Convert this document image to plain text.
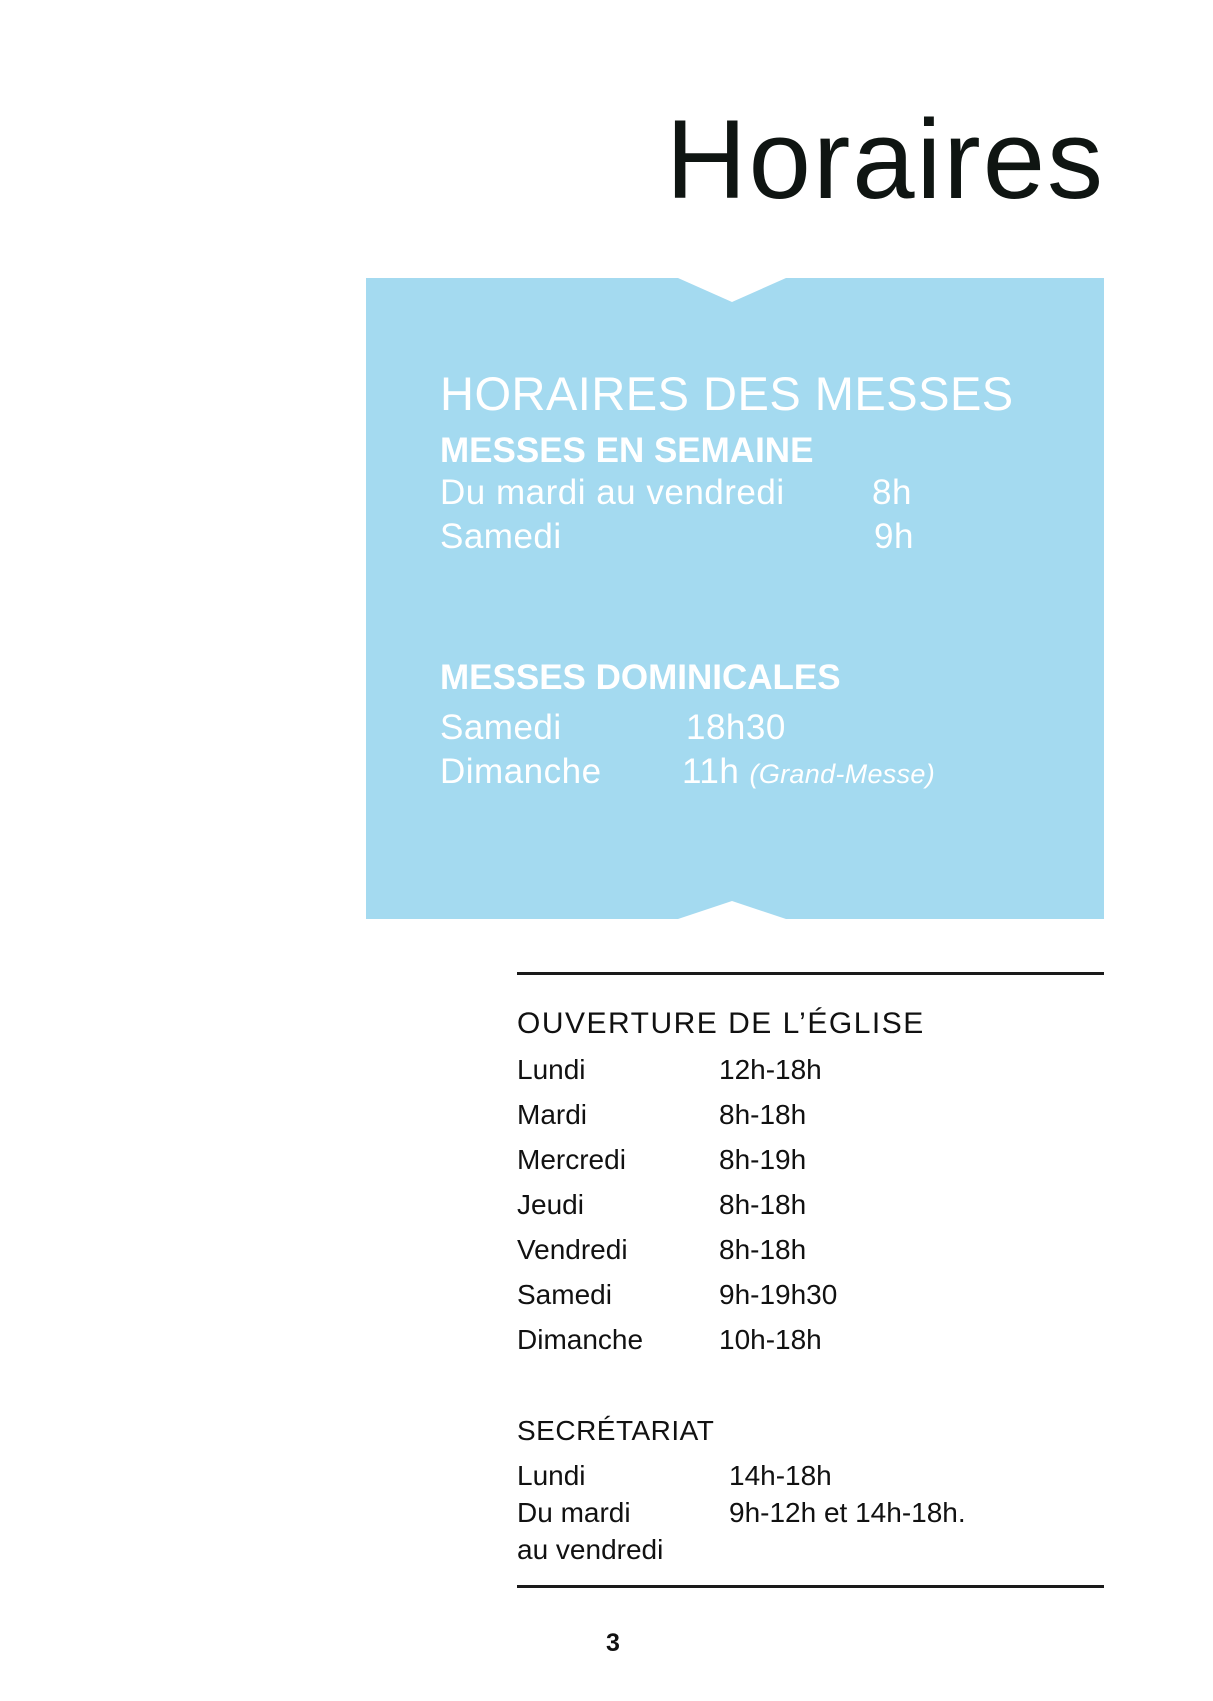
Horaires
HORAIRES DES MESSES
MESSES EN SEMAINE
Du mardi au vendredi 8h
Samedi	9h
MESSES DOMINICALES
Samedi	18h30
Dimanche 11h (Grand-Messe)
OUVERTURE DE L’ÉGLISE
Lundi	12h-18h
Mardi	8h-18h
Mercredi	8h-19h
Jeudi	8h-18h
Vendredi	8h-18h
Samedi	9h-19h30
Dimanche	10h-18h
SECRÉTARIAT
Lundi	14h-18h
Du mardi	9h-12h et 14h-18h.
au vendredi
3
